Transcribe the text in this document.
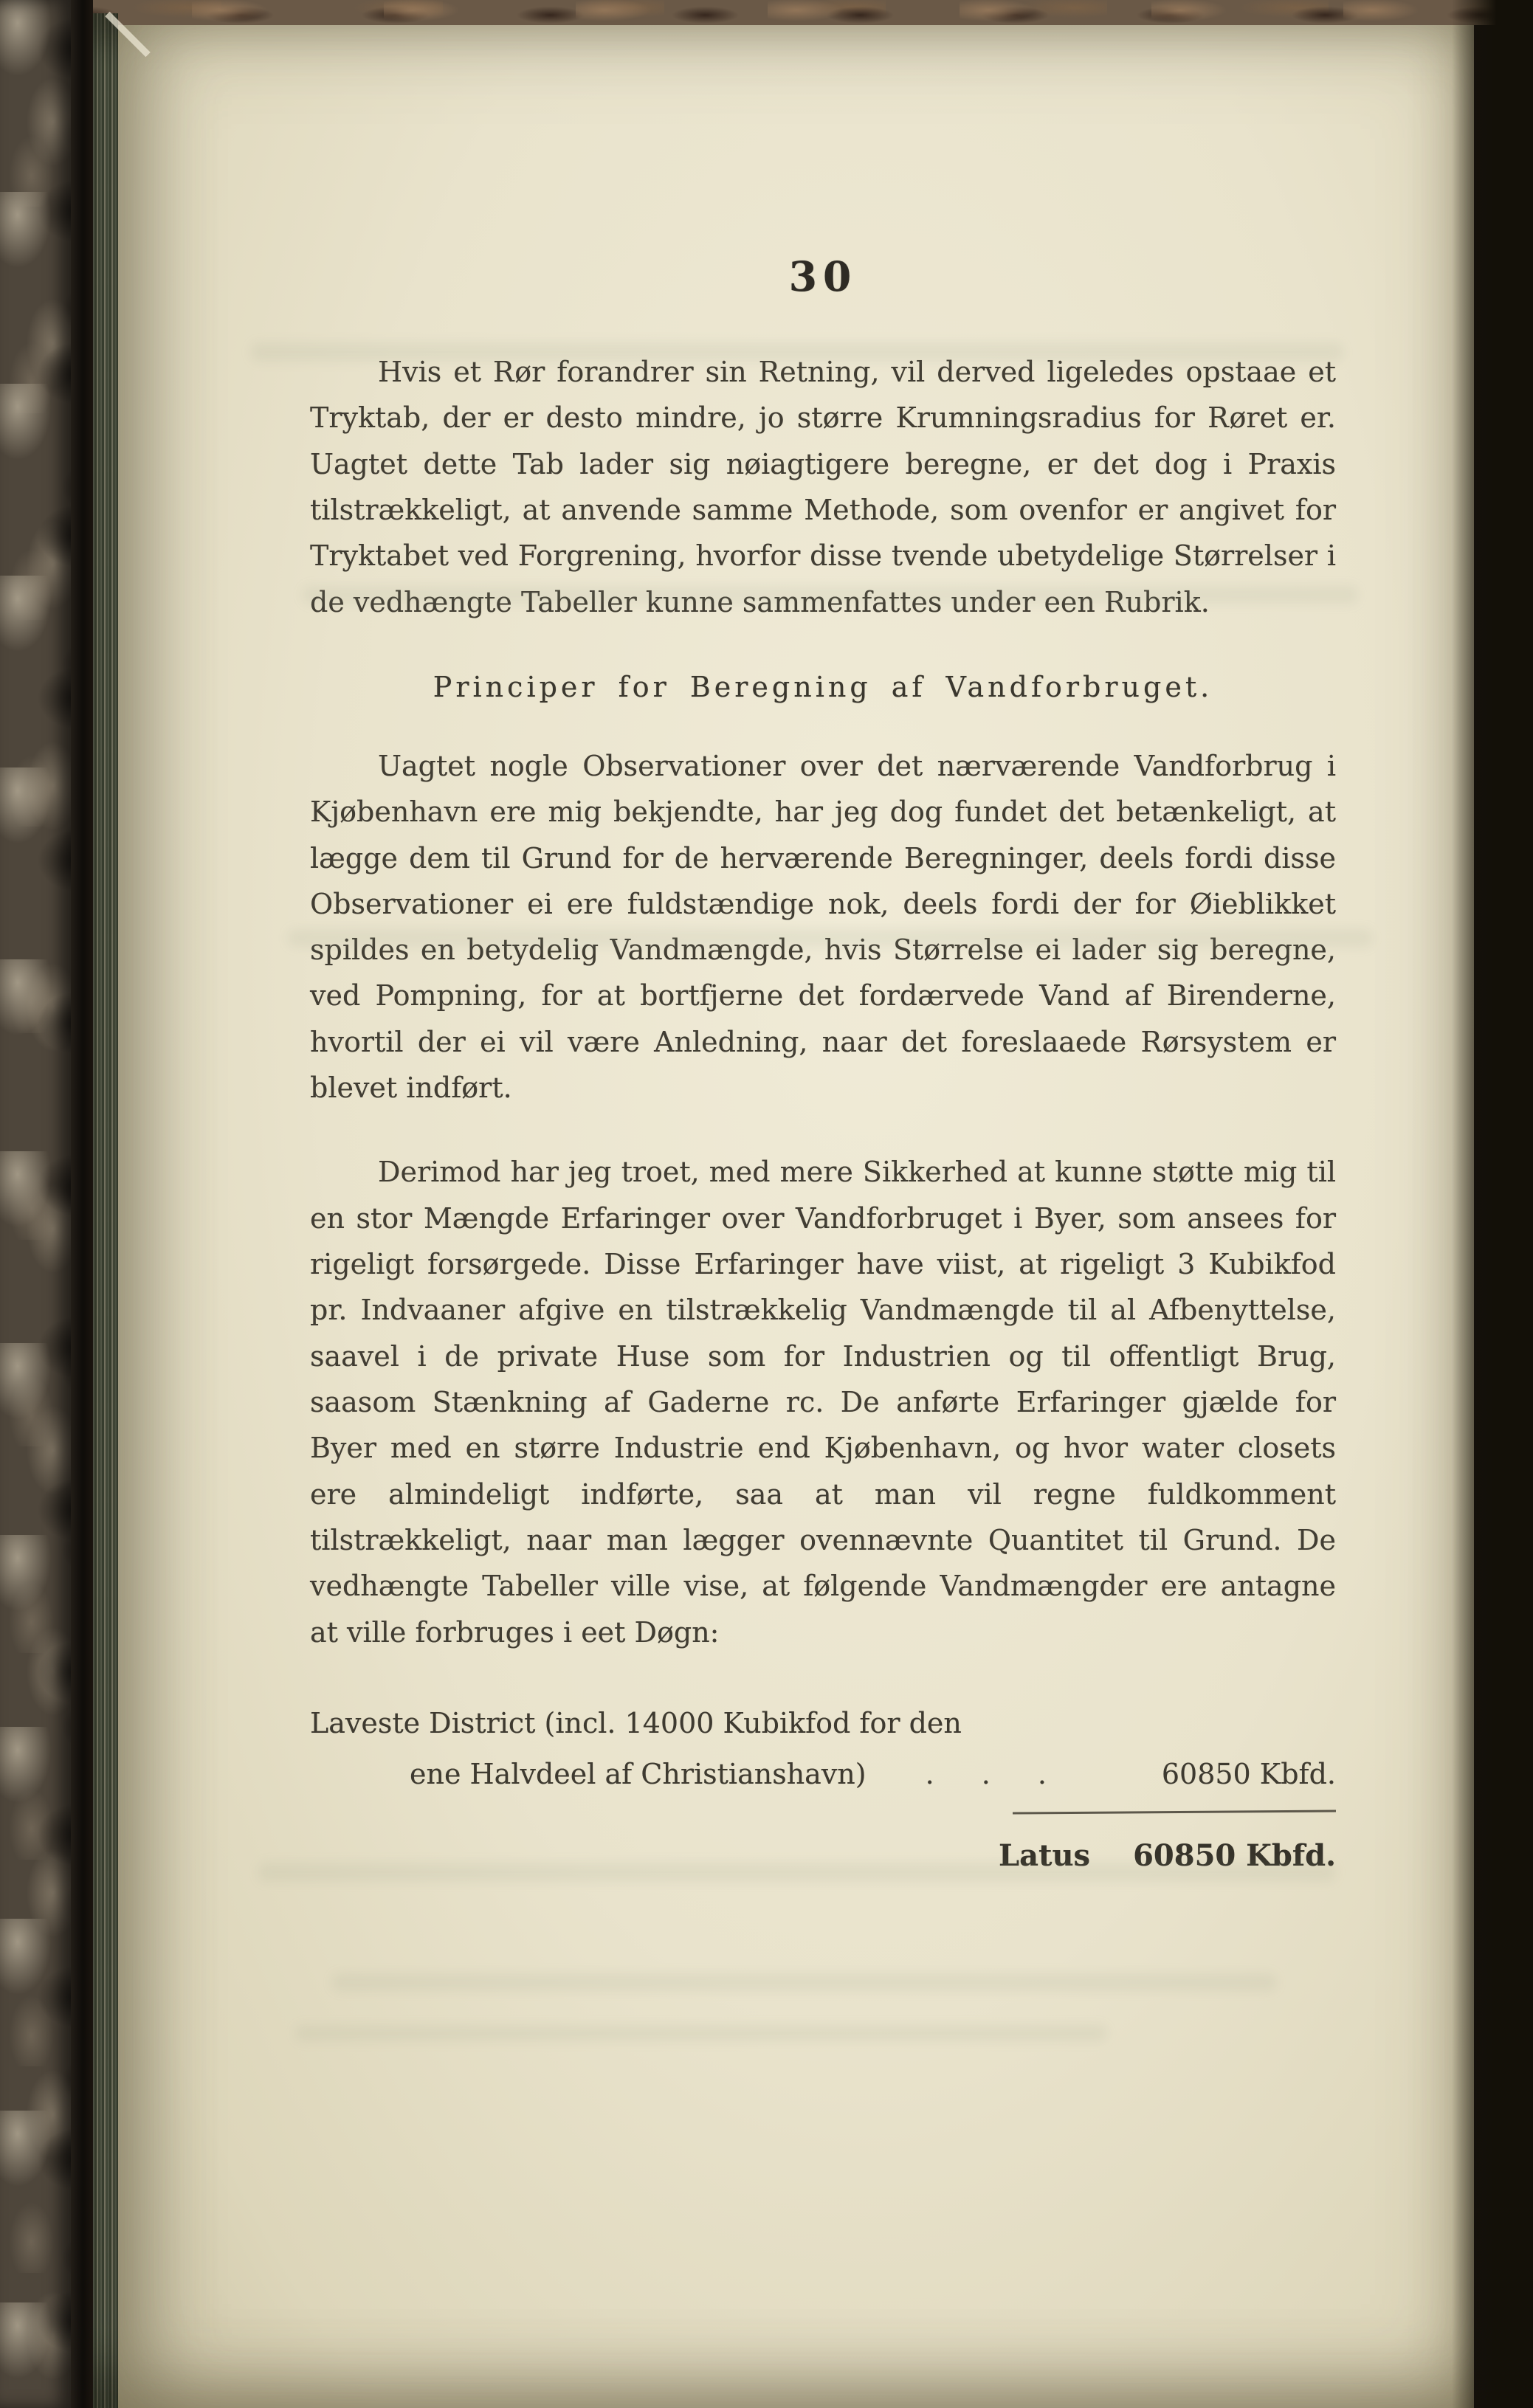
30

Hvis et Rør forandrer sin Retning, vil derved ligeledes opstaae et Tryktab, der er desto mindre, jo større Krumningsradius for Røret er. Uagtet dette Tab lader sig nøiagtigere beregne, er det dog i Praxis tilstrækkeligt, at anvende samme Methode, som ovenfor er angivet for Tryktabet ved Forgrening, hvorfor disse tvende ubetydelige Størrelser i de vedhængte Tabeller kunne sammenfattes under een Rubrik.

Principer for Beregning af Vandforbruget.

Uagtet nogle Observationer over det nærværende Vandforbrug i Kjøbenhavn ere mig bekjendte, har jeg dog fundet det betænkeligt, at lægge dem til Grund for de herværende Beregninger, deels fordi disse Observationer ei ere fuldstændige nok, deels fordi der for Øieblikket spildes en betydelig Vandmængde, hvis Størrelse ei lader sig beregne, ved Pompning, for at bortfjerne det fordærvede Vand af Birenderne, hvortil der ei vil være Anledning, naar det foreslaaede Rørsystem er blevet indført.

Derimod har jeg troet, med mere Sikkerhed at kunne støtte mig til en stor Mængde Erfaringer over Vandforbruget i Byer, som ansees for rigeligt forsørgede. Disse Erfaringer have viist, at rigeligt 3 Kubikfod pr. Indvaaner afgive en tilstrækkelig Vandmængde til al Afbenyttelse, saavel i de private Huse som for Industrien og til offentligt Brug, saasom Stænkning af Gaderne rc. De anførte Erfaringer gjælde for Byer med en større Industrie end Kjøbenhavn, og hvor water closets ere almindeligt indførte, saa at man vil regne fuldkomment tilstrækkeligt, naar man lægger ovennævnte Quantitet til Grund. De vedhængte Tabeller ville vise, at følgende Vandmængder ere antagne at ville forbruges i eet Døgn:

Laveste District (incl. 14000 Kubikfod for den
ene Halvdeel af Christianshavn) . . .	60850 Kbfd.
Latus 60850 Kbfd.
